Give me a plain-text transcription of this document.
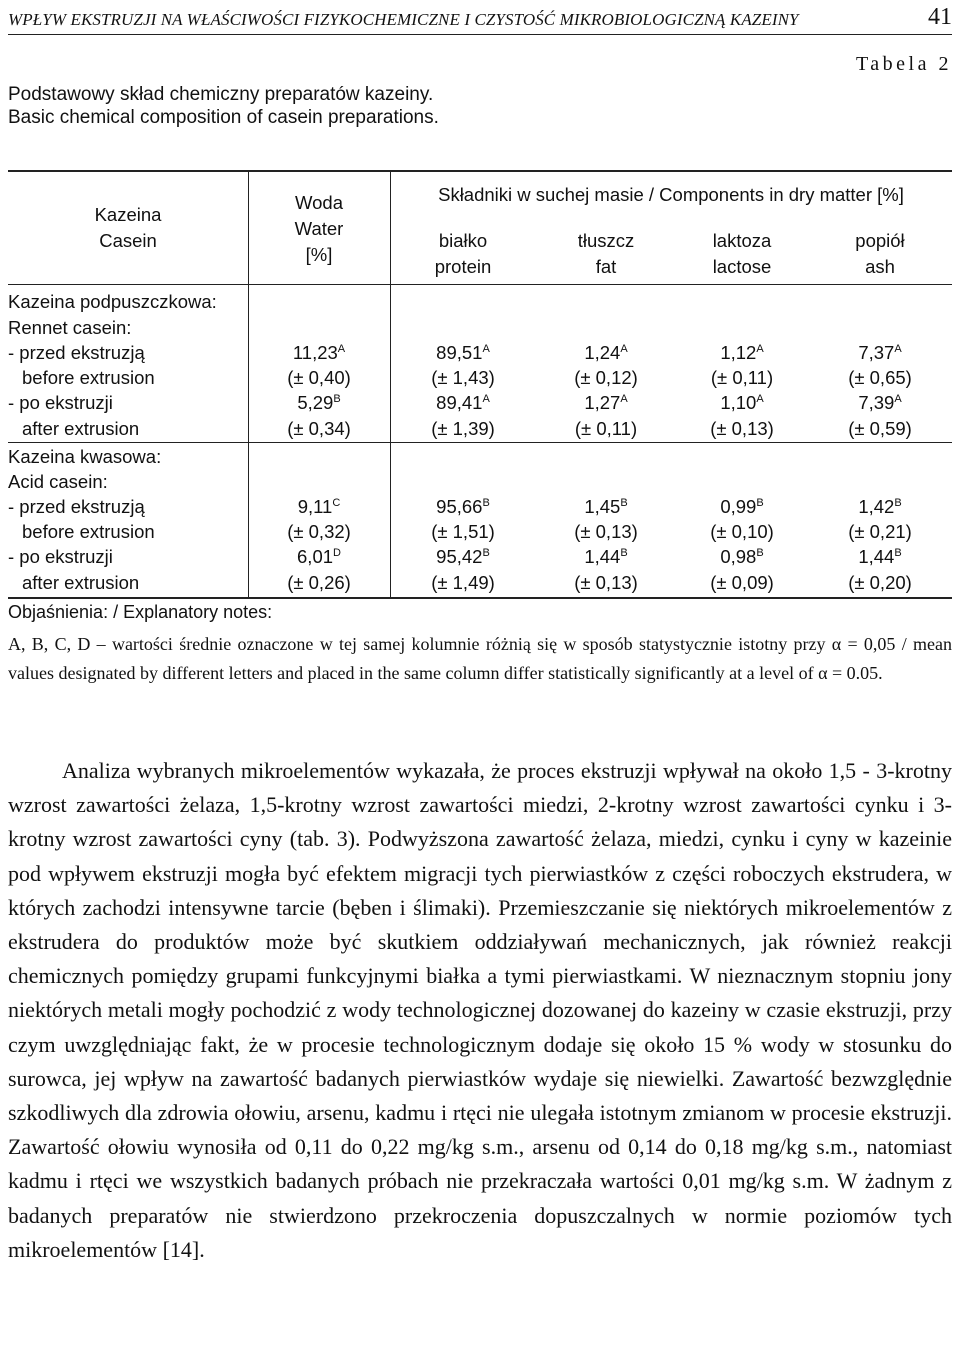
WPŁYW EKSTRUZJI NA WŁAŚCIWOŚCI FIZYKOCHEMICZNE I CZYSTOŚĆ MIKROBIOLOGICZNĄ KAZEINY	41
Tabela 2
Podstawowy skład chemiczny preparatów kazeiny.
Basic chemical composition of casein preparations.
Kazeina
Casein
Woda
Water
[%]
Składniki w suchej masie / Components in dry matter [%]
białko
protein
tłuszcz
fat
laktoza
lactose
popiół
ash
Kazeina podpuszczkowa:
Rennet casein:
- przed ekstruzją
before extrusion
- po ekstruzji
after extrusion
$11,23^A$
(± 0,40)
$89,51^A$
(± 1,43)
$1,24^A$
(± 0,12)
$1,12^A$
(± 0,11)
$7,37^A$
(± 0,65)
$5,29^B$
(± 0,34)
$89,41^A$
(± 1,39)
$1,27^A$
(± 0,11)
$1,10^A$
(± 0,13)
$7,39^A$
(± 0,59)
Kazeina kwasowa:
Acid casein:
- przed ekstruzją
before extrusion
- po ekstruzji
after extrusion
$9,11^C$
(± 0,32)
$95,66^B$
(± 1,51)
$1,45^B$
(± 0,13)
$0,99^B$
(± 0,10)
$1,42^B$
(± 0,21)
$6,01^D$
(± 0,26)
$95,42^B$
(± 1,49)
$1,44^B$
(± 0,13)
$0,98^B$
(± 0,09)
$1,44^B$
(± 0,20)
Objaśnienia: / Explanatory notes:
A, B, C, D – wartości średnie oznaczone w tej samej kolumnie różnią się w sposób statystycznie istotny przy α = 0,05 / mean values designated by different letters and placed in the same column differ statistically significantly at a level of α = 0.05.
Analiza wybranych mikroelementów wykazała, że proces ekstruzji wpływał na około 1,5 - 3-krotny wzrost zawartości żelaza, 1,5-krotny wzrost zawartości miedzi, 2-krotny wzrost zawartości cynku i 3-krotny wzrost zawartości cyny (tab. 3). Podwyższona zawartość żelaza, miedzi, cynku i cyny w kazeinie pod wpływem ekstruzji mogła być efektem migracji tych pierwiastków z części roboczych ekstrudera, w których zachodzi intensywne tarcie (bęben i ślimaki). Przemieszczanie się niektórych mikroelementów z ekstrudera do produktów może być skutkiem oddziaływań mechanicznych, jak również reakcji chemicznych pomiędzy grupami funkcyjnymi białka a tymi pierwiastkami. W nieznacznym stopniu jony niektórych metali mogły pochodzić z wody technologicznej dozowanej do kazeiny w czasie ekstruzji, przy czym uwzględniając fakt, że w procesie technologicznym dodaje się około 15 % wody w stosunku do surowca, jej wpływ na zawartość badanych pierwiastków wydaje się niewielki. Zawartość bezwzględnie szkodliwych dla zdrowia ołowiu, arsenu, kadmu i rtęci nie ulegała istotnym zmianom w procesie ekstruzji. Zawartość ołowiu wynosiła od 0,11 do 0,22 mg/kg s.m., arsenu od 0,14 do 0,18 mg/kg s.m., natomiast kadmu i rtęci we wszystkich badanych próbach nie przekraczała wartości 0,01 mg/kg s.m. W żadnym z badanych preparatów nie stwierdzono przekroczenia dopuszczalnych w normie poziomów tych mikroelementów [14].
